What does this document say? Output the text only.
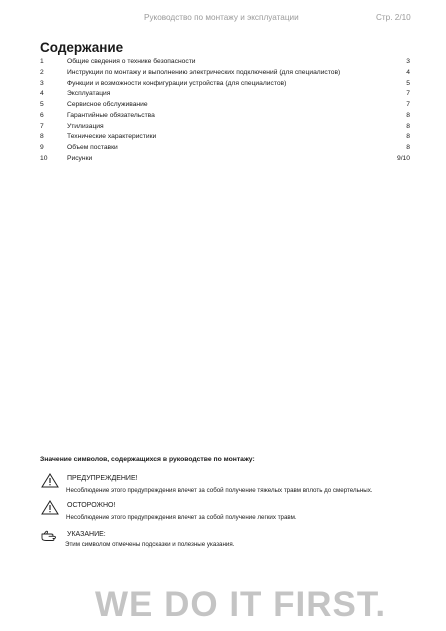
Руководство по монтажу и эксплуатации	Стр. 2/10
Содержание
1	Общие сведения о технике безопасности	3
2	Инструкции по монтажу и выполнению электрических подключений (для специалистов)	4
3	Функции и возможности конфигурации устройства (для специалистов)	5
4	Эксплуатация	7
5	Сервисное обслуживание	7
6	Гарантийные обязательства	8
7	Утилизация	8
8	Технические характеристики	8
9	Объем поставки	8
10	Рисунки	9/10
Значение символов, содержащихся в руководстве по монтажу:
ПРЕДУПРЕЖДЕНИЕ!
Несоблюдение этого предупреждения влечет за собой получение тяжелых травм вплоть до смертельных.
ОСТОРОЖНО!
Несоблюдение этого предупреждения влечет за собой получение легких травм.
УКАЗАНИЕ:
Этим символом отмечены подсказки и полезные указания.
WE DO IT FIRST.
